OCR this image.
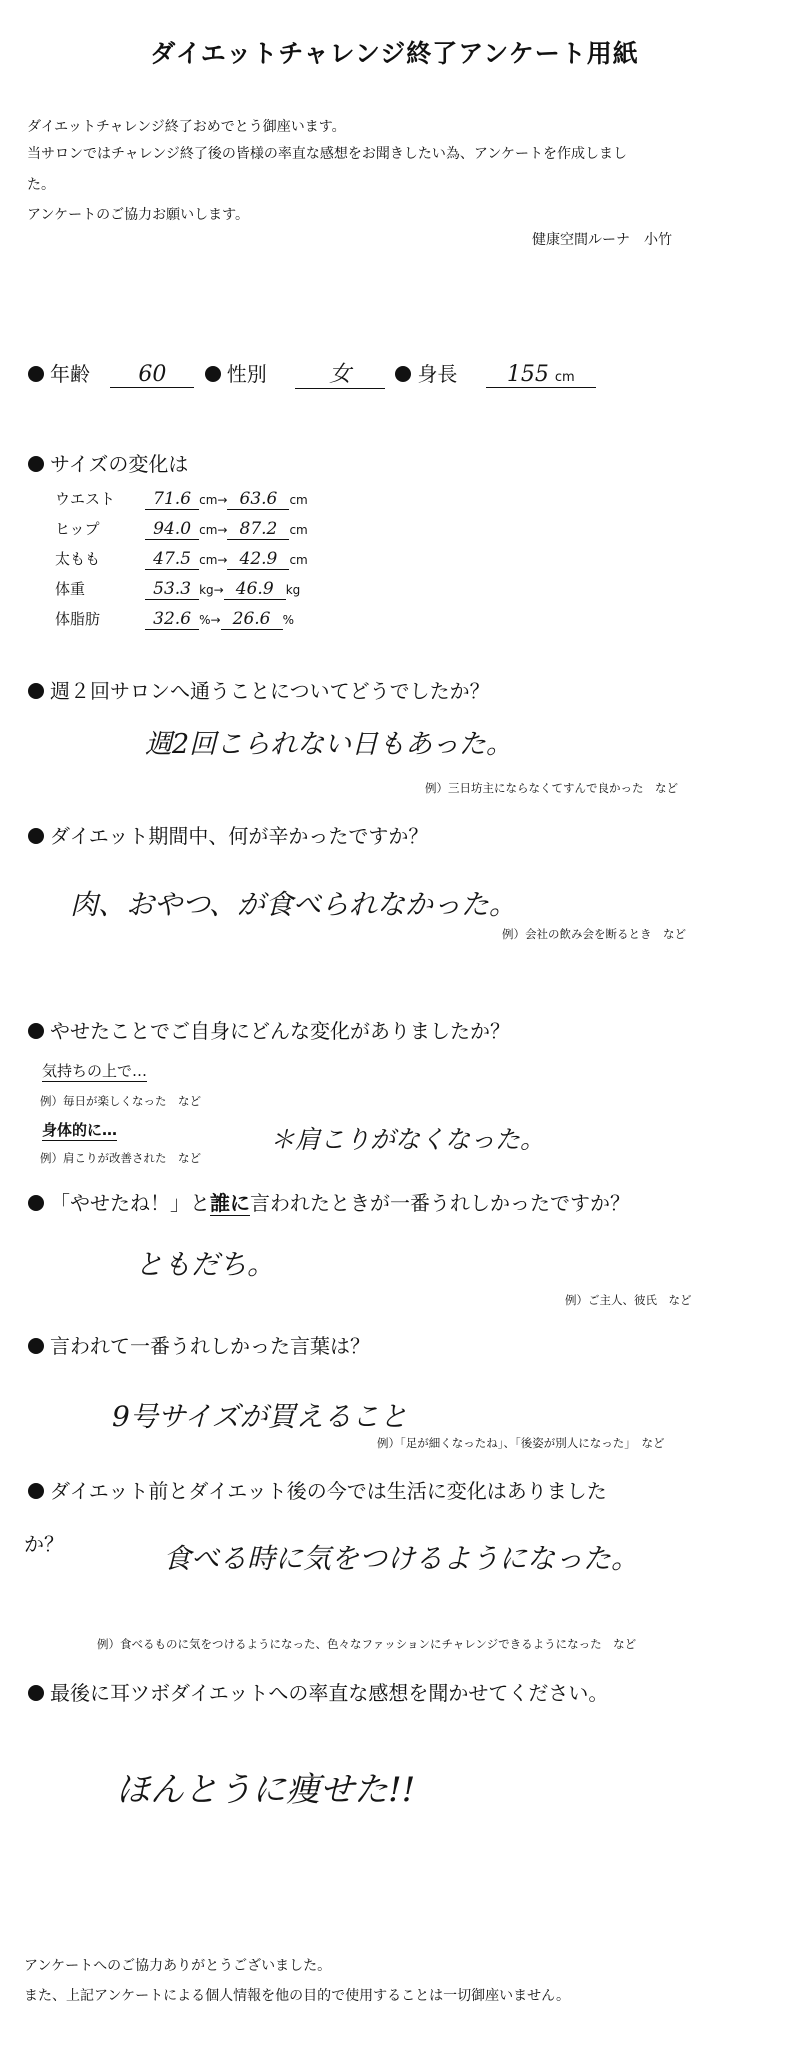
ダイエットチャレンジ終了アンケート用紙
ダイエットチャレンジ終了おめでとう御座います。
当サロンではチャレンジ終了後の皆様の率直な感想をお聞きしたい為、アンケートを作成しまし
た。
アンケートのご協力お願いします。
健康空間ルーナ　小竹
年齢 60	性別	女	身長 155 cm
サイズの変化は
ウエスト 71.6 cm→ 63.6 cm
ヒップ	94.0 cm→ 87.2 cm
太もも	47.5 cm→ 42.9 cm
体重	53.3 kg→ 46.9 kg
体脂肪	32.6 %→ 26.6 %
週２回サロンへ通うことについてどうでしたか？
週2回こられない日もあった。
例）三日坊主にならなくてすんで良かった　など
ダイエット期間中、何が辛かったですか？
肉、おやつ、が食べられなかった。
例）会社の飲み会を断るとき　など
やせたことでご自身にどんな変化がありましたか？
気持ちの上で…
例）毎日が楽しくなった　など
身体的に…
例）肩こりが改善された　など
＊肩こりがなくなった。
「やせたね！」と誰に言われたときが一番うれしかったですか？
ともだち。
例）ご主人、彼氏　など
言われて一番うれしかった言葉は？
9号サイズが買えること
例）「足が細くなったね」、「後姿が別人になった」　など
ダイエット前とダイエット後の今では生活に変化はありました
か？	食べる時に気をつけるようになった。
例）食べるものに気をつけるようになった、色々なファッションにチャレンジできるようになった　など
最後に耳ツボダイエットへの率直な感想を聞かせてください。
ほんとうに痩せた!!
アンケートへのご協力ありがとうございました。
また、上記アンケートによる個人情報を他の目的で使用することは一切御座いません。
